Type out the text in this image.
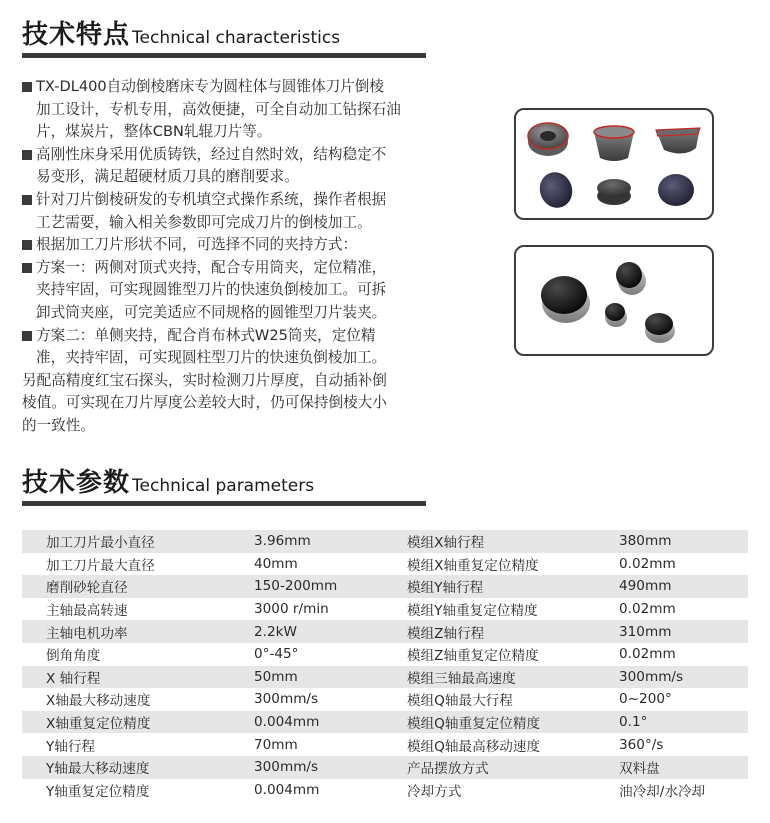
技术特点 Technical characteristics
TX-DL400自动倒棱磨床专为圆柱体与圆锥体刀片倒棱
加工设计，专机专用，高效便捷，可全自动加工钻探石油
片，煤炭片，整体CBN轧辊刀片等。
高刚性床身采用优质铸铁，经过自然时效，结构稳定不
易变形，满足超硬材质刀具的磨削要求。
针对刀片倒棱研发的专机填空式操作系统，操作者根据
工艺需要，输入相关参数即可完成刀片的倒棱加工。
根据加工刀片形状不同，可选择不同的夹持方式：
方案一：两侧对顶式夹持，配合专用筒夹，定位精准，
夹持牢固，可实现圆锥型刀片的快速负倒棱加工。可拆
卸式筒夹座，可完美适应不同规格的圆锥型刀片装夹。
方案二：单侧夹持，配合肖布林式W25筒夹，定位精
准，夹持牢固，可实现圆柱型刀片的快速负倒棱加工。
另配高精度红宝石探头，实时检测刀片厚度，自动插补倒
棱值。可实现在刀片厚度公差较大时，仍可保持倒棱大小
的一致性。
技术参数 Technical parameters
加工刀片最小直径	3.96mm	模组X轴行程	380mm
加工刀片最大直径	40mm	模组X轴重复定位精度	0.02mm
磨削砂轮直径	150-200mm	模组Y轴行程	490mm
主轴最高转速	3000 r/min	模组Y轴重复定位精度	0.02mm
主轴电机功率	2.2kW	模组Z轴行程	310mm
倒角角度	0°-45°	模组Z轴重复定位精度	0.02mm
X 轴行程	50mm	模组三轴最高速度	300mm/s
X轴最大移动速度	300mm/s	模组Q轴最大行程	0~200°
X轴重复定位精度	0.004mm	模组Q轴重复定位精度	0.1°
Y轴行程	70mm	模组Q轴最高移动速度	360°/s
Y轴最大移动速度	300mm/s	产品摆放方式	双料盘
Y轴重复定位精度	0.004mm	冷却方式	油冷却/水冷却
